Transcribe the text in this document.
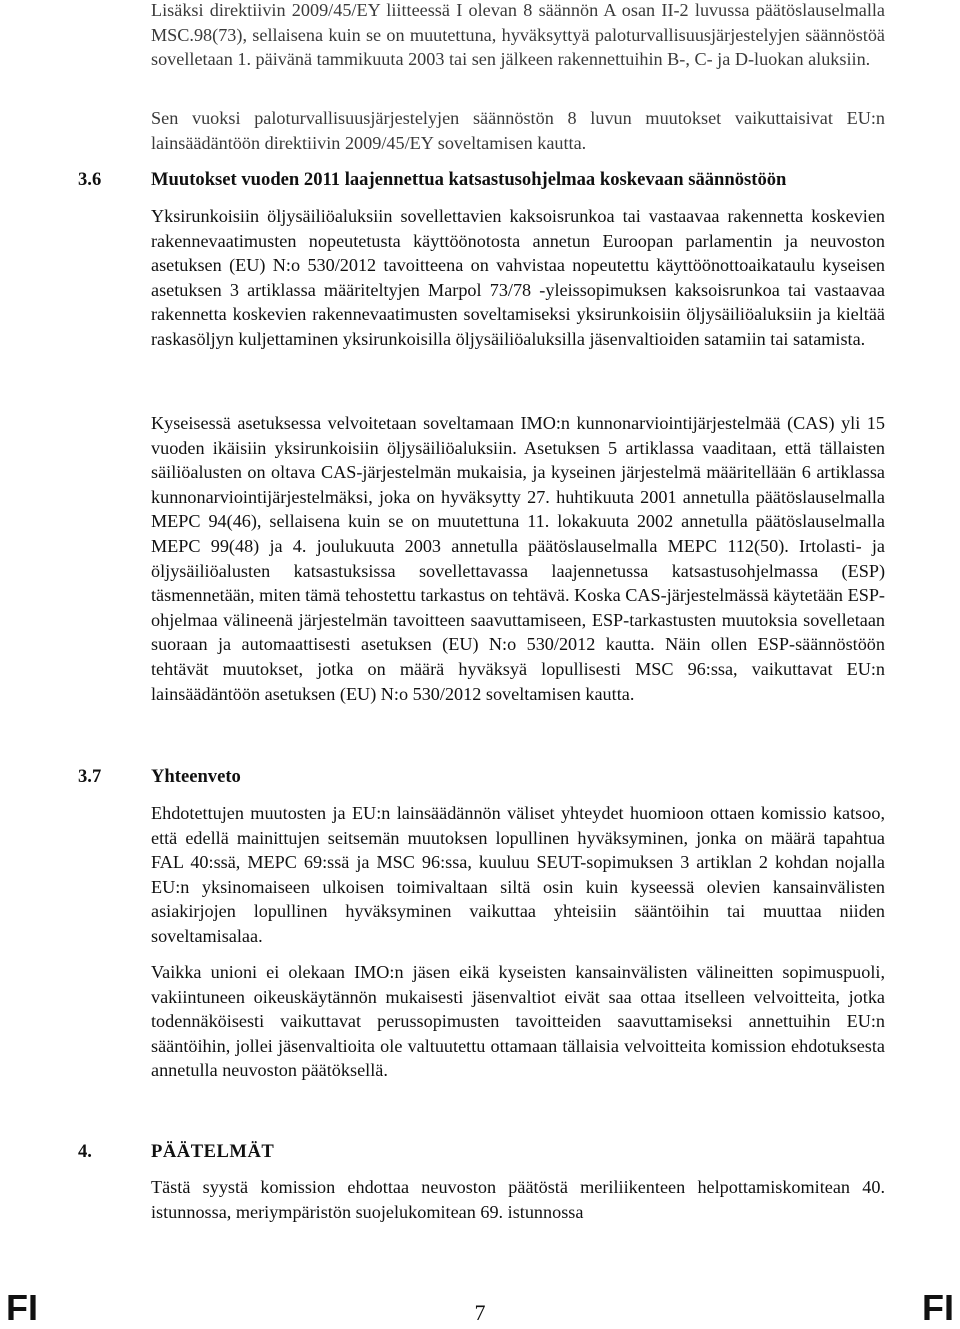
Lisäksi direktiivin 2009/45/EY liitteessä I olevan 8 säännön A osan II-2 luvussa päätöslauselmalla MSC.98(73), sellaisena kuin se on muutettuna, hyväksyttyä paloturvallisuusjärjestelyjen säännöstöä sovelletaan 1. päivänä tammikuuta 2003 tai sen jälkeen rakennettuihin B-, C- ja D-luokan aluksiin.

Sen vuoksi paloturvallisuusjärjestelyjen säännöstön 8 luvun muutokset vaikuttaisivat EU:n lainsäädäntöön direktiivin 2009/45/EY soveltamisen kautta.

3.6	Muutokset vuoden 2011 laajennettua katsastusohjelmaa koskevaan säännöstöön

Yksirunkoisiin öljysäiliöaluksiin sovellettavien kaksoisrunkoa tai vastaavaa rakennetta koskevien rakennevaatimusten nopeutetusta käyttöönotosta annetun Euroopan parlamentin ja neuvoston asetuksen (EU) N:o 530/2012 tavoitteena on vahvistaa nopeutettu käyttöönottoaikataulu kyseisen asetuksen 3 artiklassa määriteltyjen Marpol 73/78 -yleissopimuksen kaksoisrunkoa tai vastaavaa rakennetta koskevien rakennevaatimusten soveltamiseksi yksirunkoisiin öljysäiliöaluksiin ja kieltää raskasöljyn kuljettaminen yksirunkoisilla öljysäiliöaluksilla jäsenvaltioiden satamiin tai satamista.

Kyseisessä asetuksessa velvoitetaan soveltamaan IMO:n kunnonarviointijärjestelmää (CAS) yli 15 vuoden ikäisiin yksirunkoisiin öljysäiliöaluksiin. Asetuksen 5 artiklassa vaaditaan, että tällaisten säiliöalusten on oltava CAS-järjestelmän mukaisia, ja kyseinen järjestelmä määritellään 6 artiklassa kunnonarviointijärjestelmäksi, joka on hyväksytty 27. huhtikuuta 2001 annetulla päätöslauselmalla MEPC 94(46), sellaisena kuin se on muutettuna 11. lokakuuta 2002 annetulla päätöslauselmalla MEPC 99(48) ja 4. joulukuuta 2003 annetulla päätöslauselmalla MEPC 112(50). Irtolasti- ja öljysäiliöalusten katsastuksissa sovellettavassa laajennetussa katsastusohjelmassa (ESP) täsmennetään, miten tämä tehostettu tarkastus on tehtävä. Koska CAS-järjestelmässä käytetään ESP-ohjelmaa välineenä järjestelmän tavoitteen saavuttamiseen, ESP-tarkastusten muutoksia sovelletaan suoraan ja automaattisesti asetuksen (EU) N:o 530/2012 kautta. Näin ollen ESP-säännöstöön tehtävät muutokset, jotka on määrä hyväksyä lopullisesti MSC 96:ssa, vaikuttavat EU:n lainsäädäntöön asetuksen (EU) N:o 530/2012 soveltamisen kautta.

3.7	Yhteenveto

Ehdotettujen muutosten ja EU:n lainsäädännön väliset yhteydet huomioon ottaen komissio katsoo, että edellä mainittujen seitsemän muutoksen lopullinen hyväksyminen, jonka on määrä tapahtua FAL 40:ssä, MEPC 69:ssä ja MSC 96:ssa, kuuluu SEUT-sopimuksen 3 artiklan 2 kohdan nojalla EU:n yksinomaiseen ulkoisen toimivaltaan siltä osin kuin kyseessä olevien kansainvälisten asiakirjojen lopullinen hyväksyminen vaikuttaa yhteisiin sääntöihin tai muuttaa niiden soveltamisalaa.

Vaikka unioni ei olekaan IMO:n jäsen eikä kyseisten kansainvälisten välineitten sopimuspuoli, vakiintuneen oikeuskäytännön mukaisesti jäsenvaltiot eivät saa ottaa itselleen velvoitteita, jotka todennäköisesti vaikuttavat perussopimusten tavoitteiden saavuttamiseksi annettuihin EU:n sääntöihin, jollei jäsenvaltioita ole valtuutettu ottamaan tällaisia velvoitteita komission ehdotuksesta annetulla neuvoston päätöksellä.

4.	PÄÄTELMÄT

Tästä syystä komission ehdottaa neuvoston päätöstä meriliikenteen helpottamiskomitean 40. istunnossa, meriympäristön suojelukomitean 69. istunnossa

FI	7	FI
